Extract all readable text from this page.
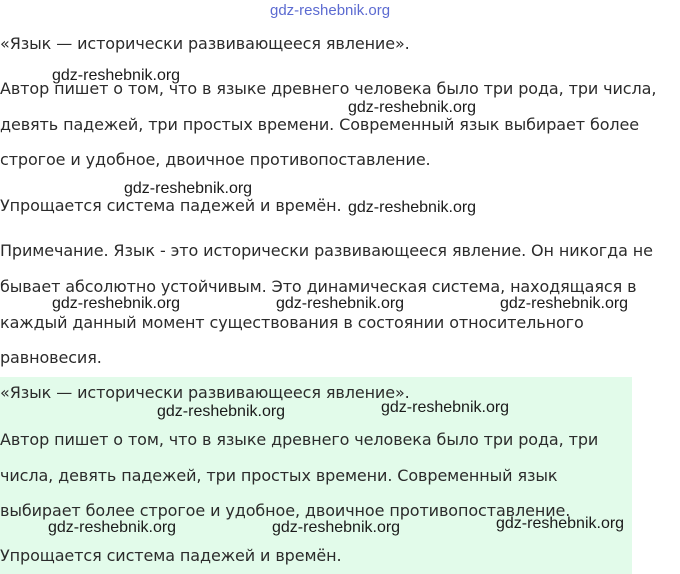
gdz-reshebnik.org

«Язык — исторически развивающееся явление».

Автор пишет о том, что в языке древнего человека было три рода, три числа,

девять падежей, три простых времени. Современный язык выбирает более

строгое и удобное, двоичное противопоставление.

Упрощается система падежей и времён.

Примечание. Язык - это исторически развивающееся явление. Он никогда не

бывает абсолютно устойчивым. Это динамическая система, находящаяся в

каждый данный момент существования в состоянии относительного

равновесия.

«Язык — исторически развивающееся явление».

Автор пишет о том, что в языке древнего человека было три рода, три

числа, девять падежей, три простых времени. Современный язык

выбирает более строгое и удобное, двоичное противопоставление.

Упрощается система падежей и времён.

gdz-reshebnik.org

gdz-reshebnik.org

gdz-reshebnik.org

gdz-reshebnik.org

gdz-reshebnik.org	gdz-reshebnik.org	gdz-reshebnik.org

gdz-reshebnik.org	gdz-reshebnik.org

gdz-reshebnik.org	gdz-reshebnik.org	gdz-reshebnik.org
